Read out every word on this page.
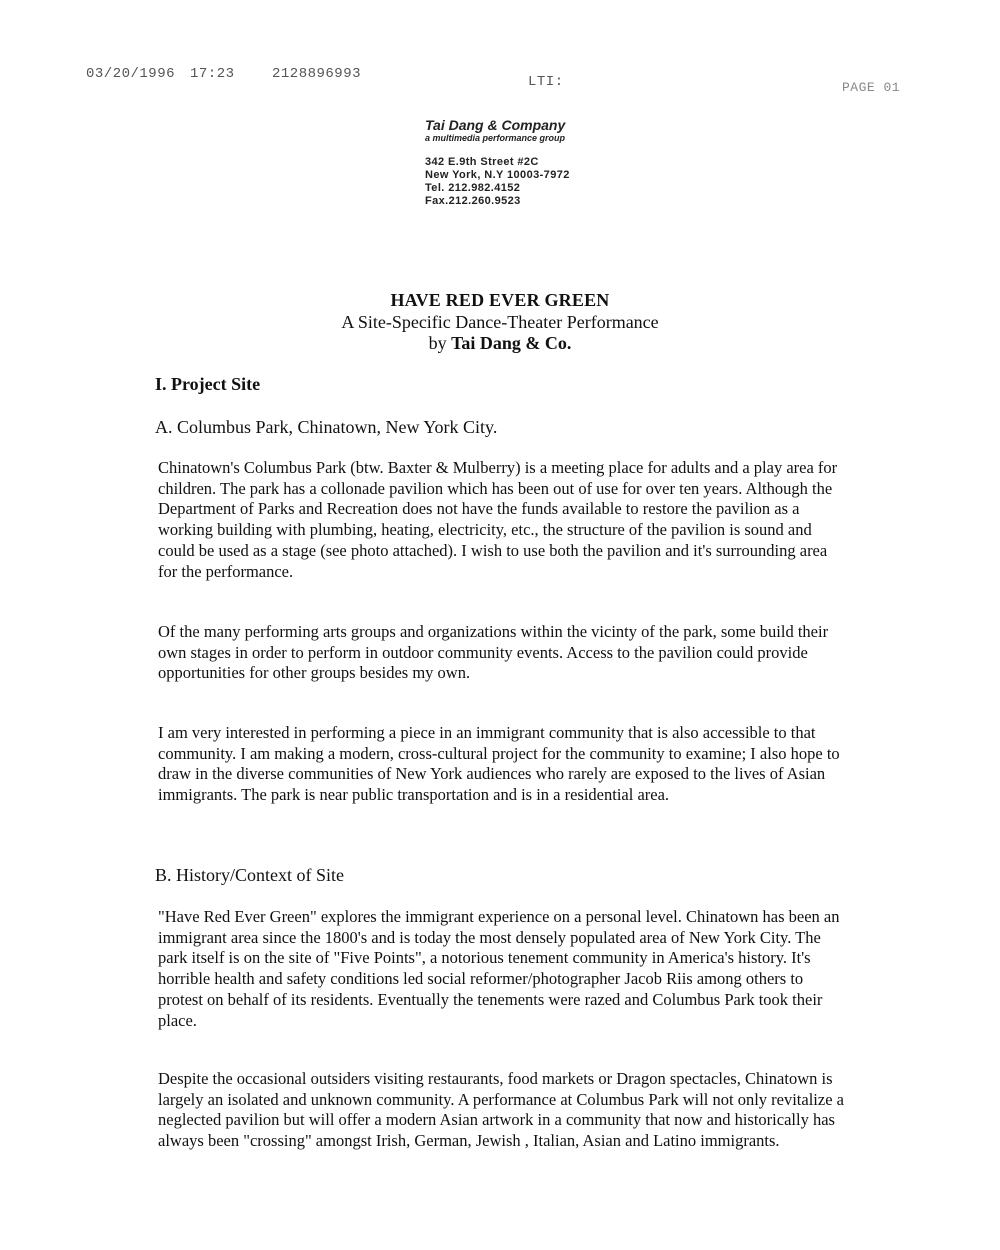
03/20/1996 17:23	2128896993	LTI:	PAGE 01
Tai Dang & Company
a multimedia performance group
342 E.9th Street #2C
New York, N.Y 10003-7972
Tel. 212.982.4152
Fax.212.260.9523
HAVE RED EVER GREEN
A Site-Specific Dance-Theater Performance
by Tai Dang & Co.
I. Project Site
A. Columbus Park, Chinatown, New York City.

Chinatown's Columbus Park (btw. Baxter & Mulberry) is a meeting place for adults and a play area for children. The park has a collonade pavilion which has been out of use for over ten years. Although the Department of Parks and Recreation does not have the funds available to restore the pavilion as a working building with plumbing, heating, electricity, etc., the structure of the pavilion is sound and could be used as a stage (see photo attached). I wish to use both the pavilion and it's surrounding area for the performance.

Of the many performing arts groups and organizations within the vicinty of the park, some build their own stages in order to perform in outdoor community events. Access to the pavilion could provide opportunities for other groups besides my own.

I am very interested in performing a piece in an immigrant community that is also accessible to that community. I am making a modern, cross-cultural project for the community to examine; I also hope to draw in the diverse communities of New York audiences who rarely are exposed to the lives of Asian immigrants. The park is near public transportation and is in a residential area.

B. History/Context of Site

"Have Red Ever Green" explores the immigrant experience on a personal level. Chinatown has been an immigrant area since the 1800's and is today the most densely populated area of New York City. The park itself is on the site of "Five Points", a notorious tenement community in America's history. It's horrible health and safety conditions led social reformer/photographer Jacob Riis among others to protest on behalf of its residents. Eventually the tenements were razed and Columbus Park took their place.

Despite the occasional outsiders visiting restaurants, food markets or Dragon spectacles, Chinatown is largely an isolated and unknown community. A performance at Columbus Park will not only revitalize a neglected pavilion but will offer a modern Asian artwork in a community that now and historically has always been "crossing" amongst Irish, German, Jewish , Italian, Asian and Latino immigrants.
